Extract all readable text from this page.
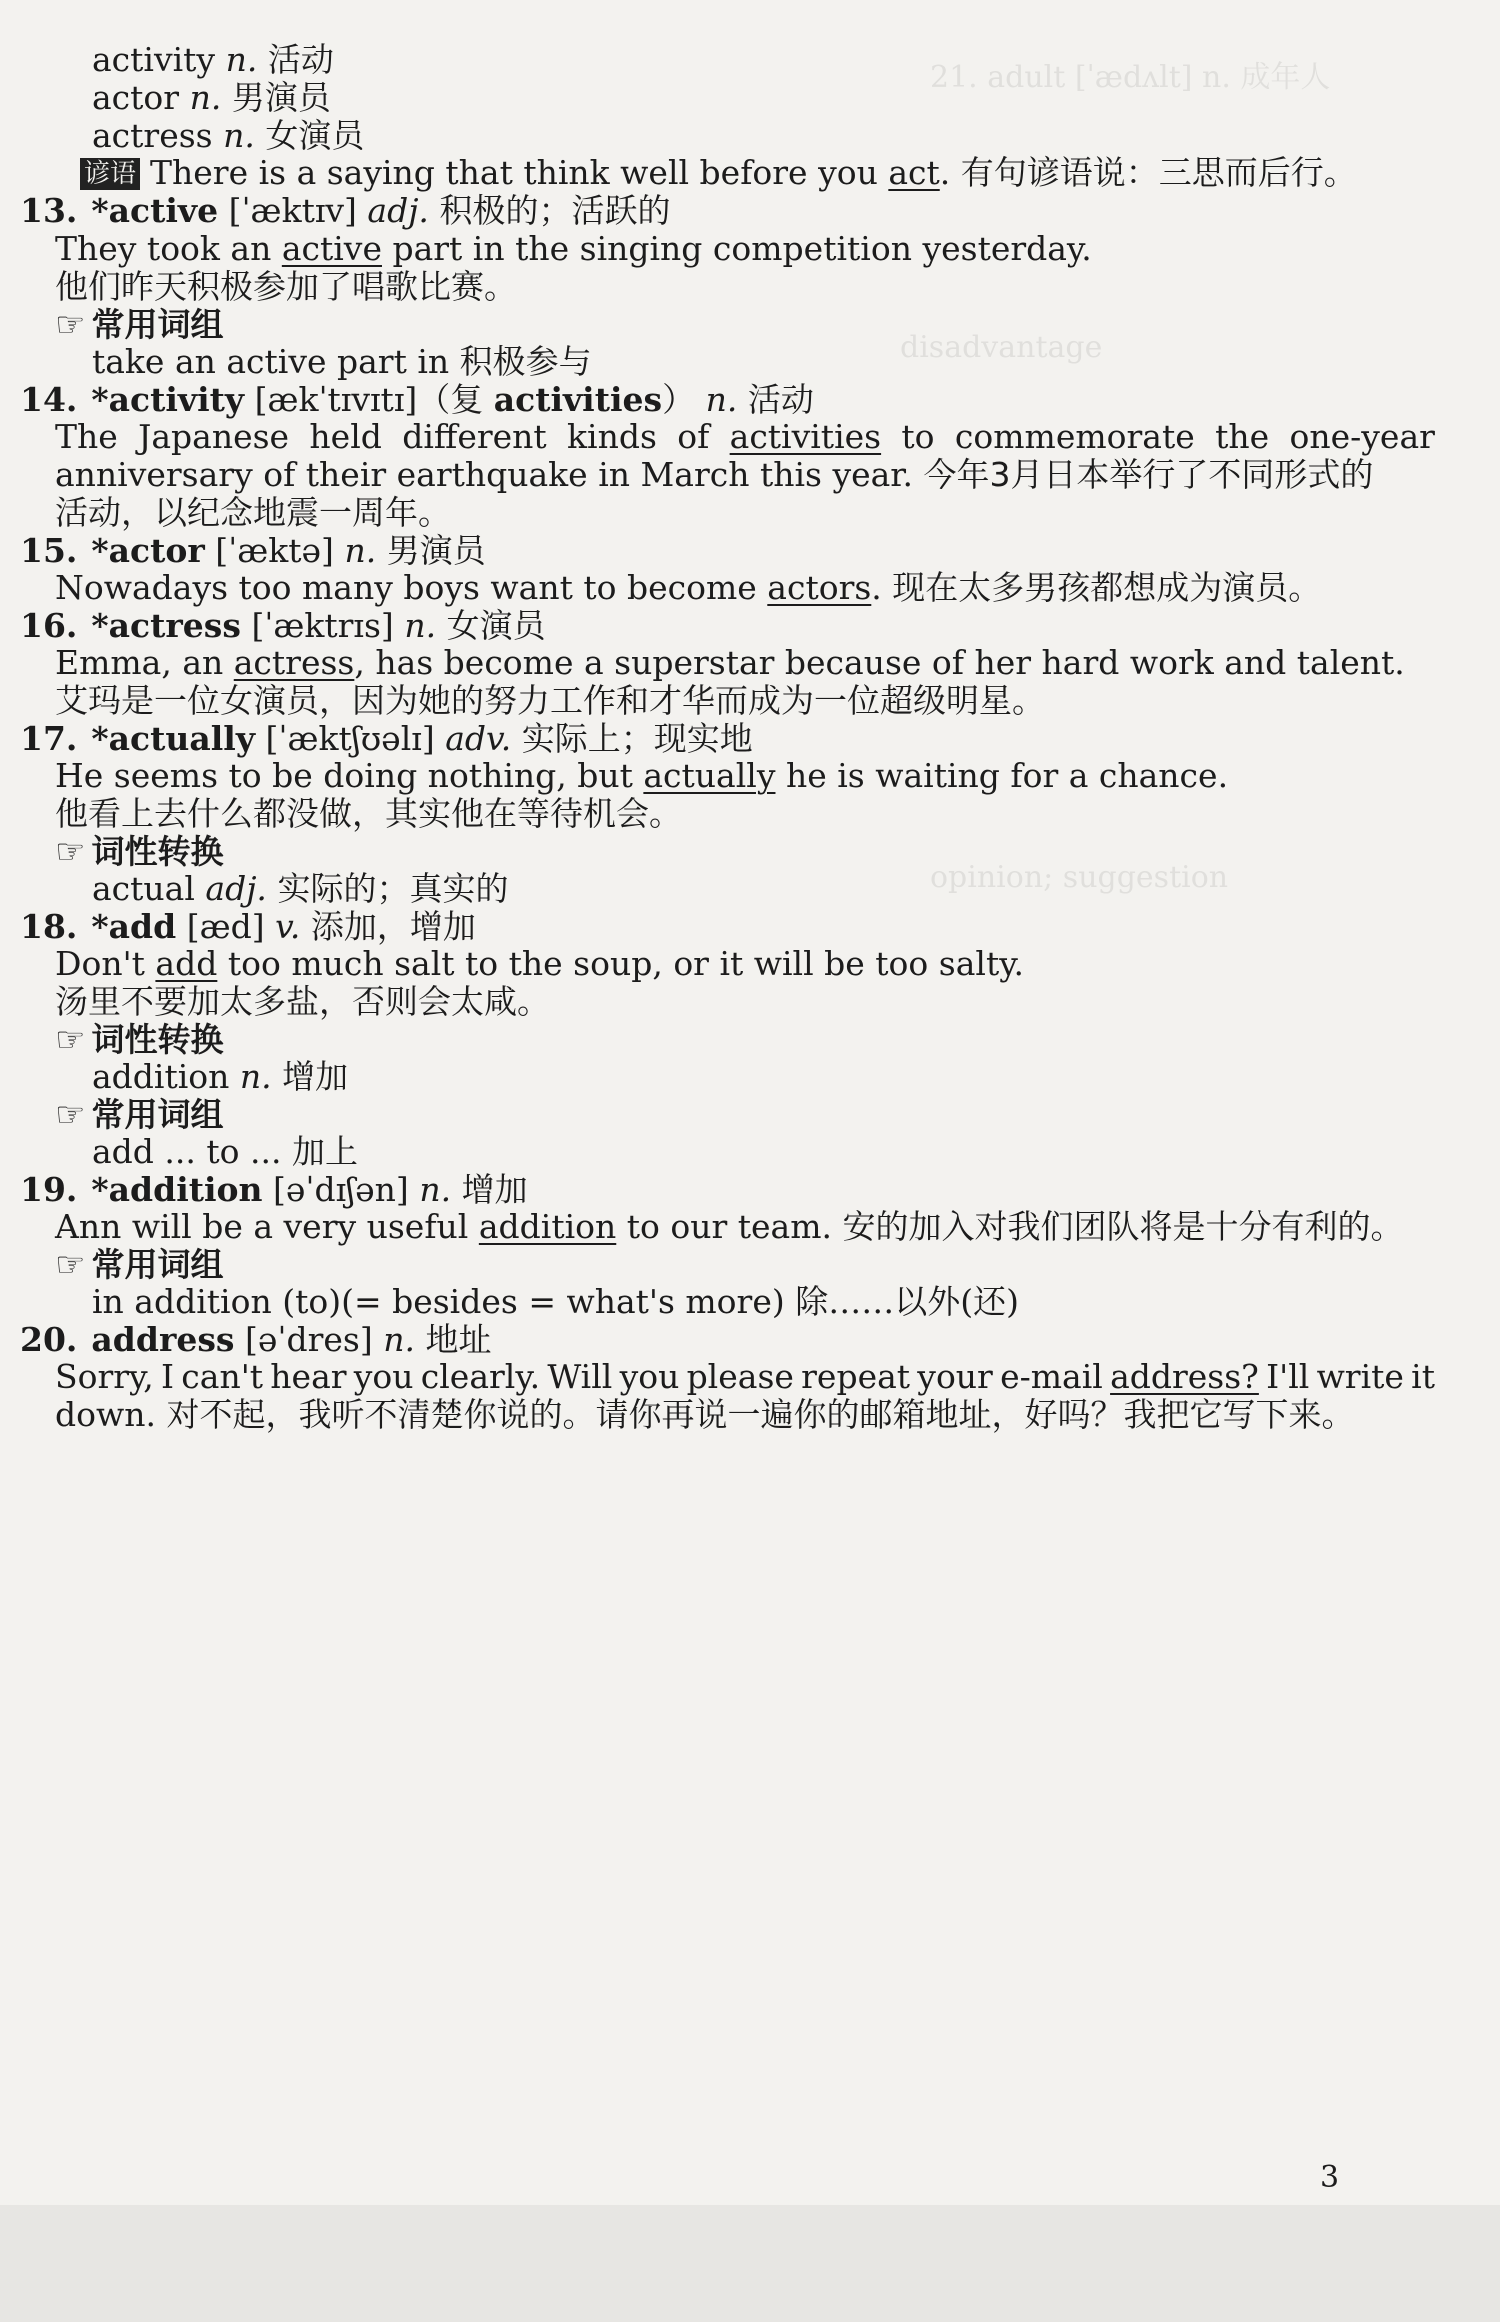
21. adult [ˈædʌlt] n. 成年人
disadvantage
opinion; suggestion
activity n. 活动
actor n. 男演员
actress n. 女演员
谚语 There is a saying that think well before you act. 有句谚语说：三思而后行。
13. *active [ˈæktɪv] adj. 积极的；活跃的
They took an active part in the singing competition yesterday.
他们昨天积极参加了唱歌比赛。
☞ 常用词组
take an active part in 积极参与
14. *activity [ækˈtɪvɪtɪ]（复 activities） n. 活动
The Japanese held different kinds of activities to commemorate the one-year
anniversary of their earthquake in March this year. 今年3月日本举行了不同形式的
活动，以纪念地震一周年。
15. *actor [ˈæktə] n. 男演员
Nowadays too many boys want to become actors. 现在太多男孩都想成为演员。
16. *actress [ˈæktrɪs] n. 女演员
Emma, an actress, has become a superstar because of her hard work and talent.
艾玛是一位女演员，因为她的努力工作和才华而成为一位超级明星。
17. *actually [ˈæktʃʊəlɪ] adv. 实际上；现实地
He seems to be doing nothing, but actually he is waiting for a chance.
他看上去什么都没做，其实他在等待机会。
☞ 词性转换
actual adj. 实际的；真实的
18. *add [æd] v. 添加，增加
Don't add too much salt to the soup, or it will be too salty.
汤里不要加太多盐，否则会太咸。
☞ 词性转换
addition n. 增加
☞ 常用词组
add ... to ... 加上
19. *addition [əˈdɪʃən] n. 增加
Ann will be a very useful addition to our team. 安的加入对我们团队将是十分有利的。
☞ 常用词组
in addition (to)(= besides = what's more) 除……以外(还)
20. address [əˈdres] n. 地址
Sorry, I can't hear you clearly. Will you please repeat your e-mail address? I'll write it
down. 对不起，我听不清楚你说的。请你再说一遍你的邮箱地址，好吗？我把它写下来。
3
